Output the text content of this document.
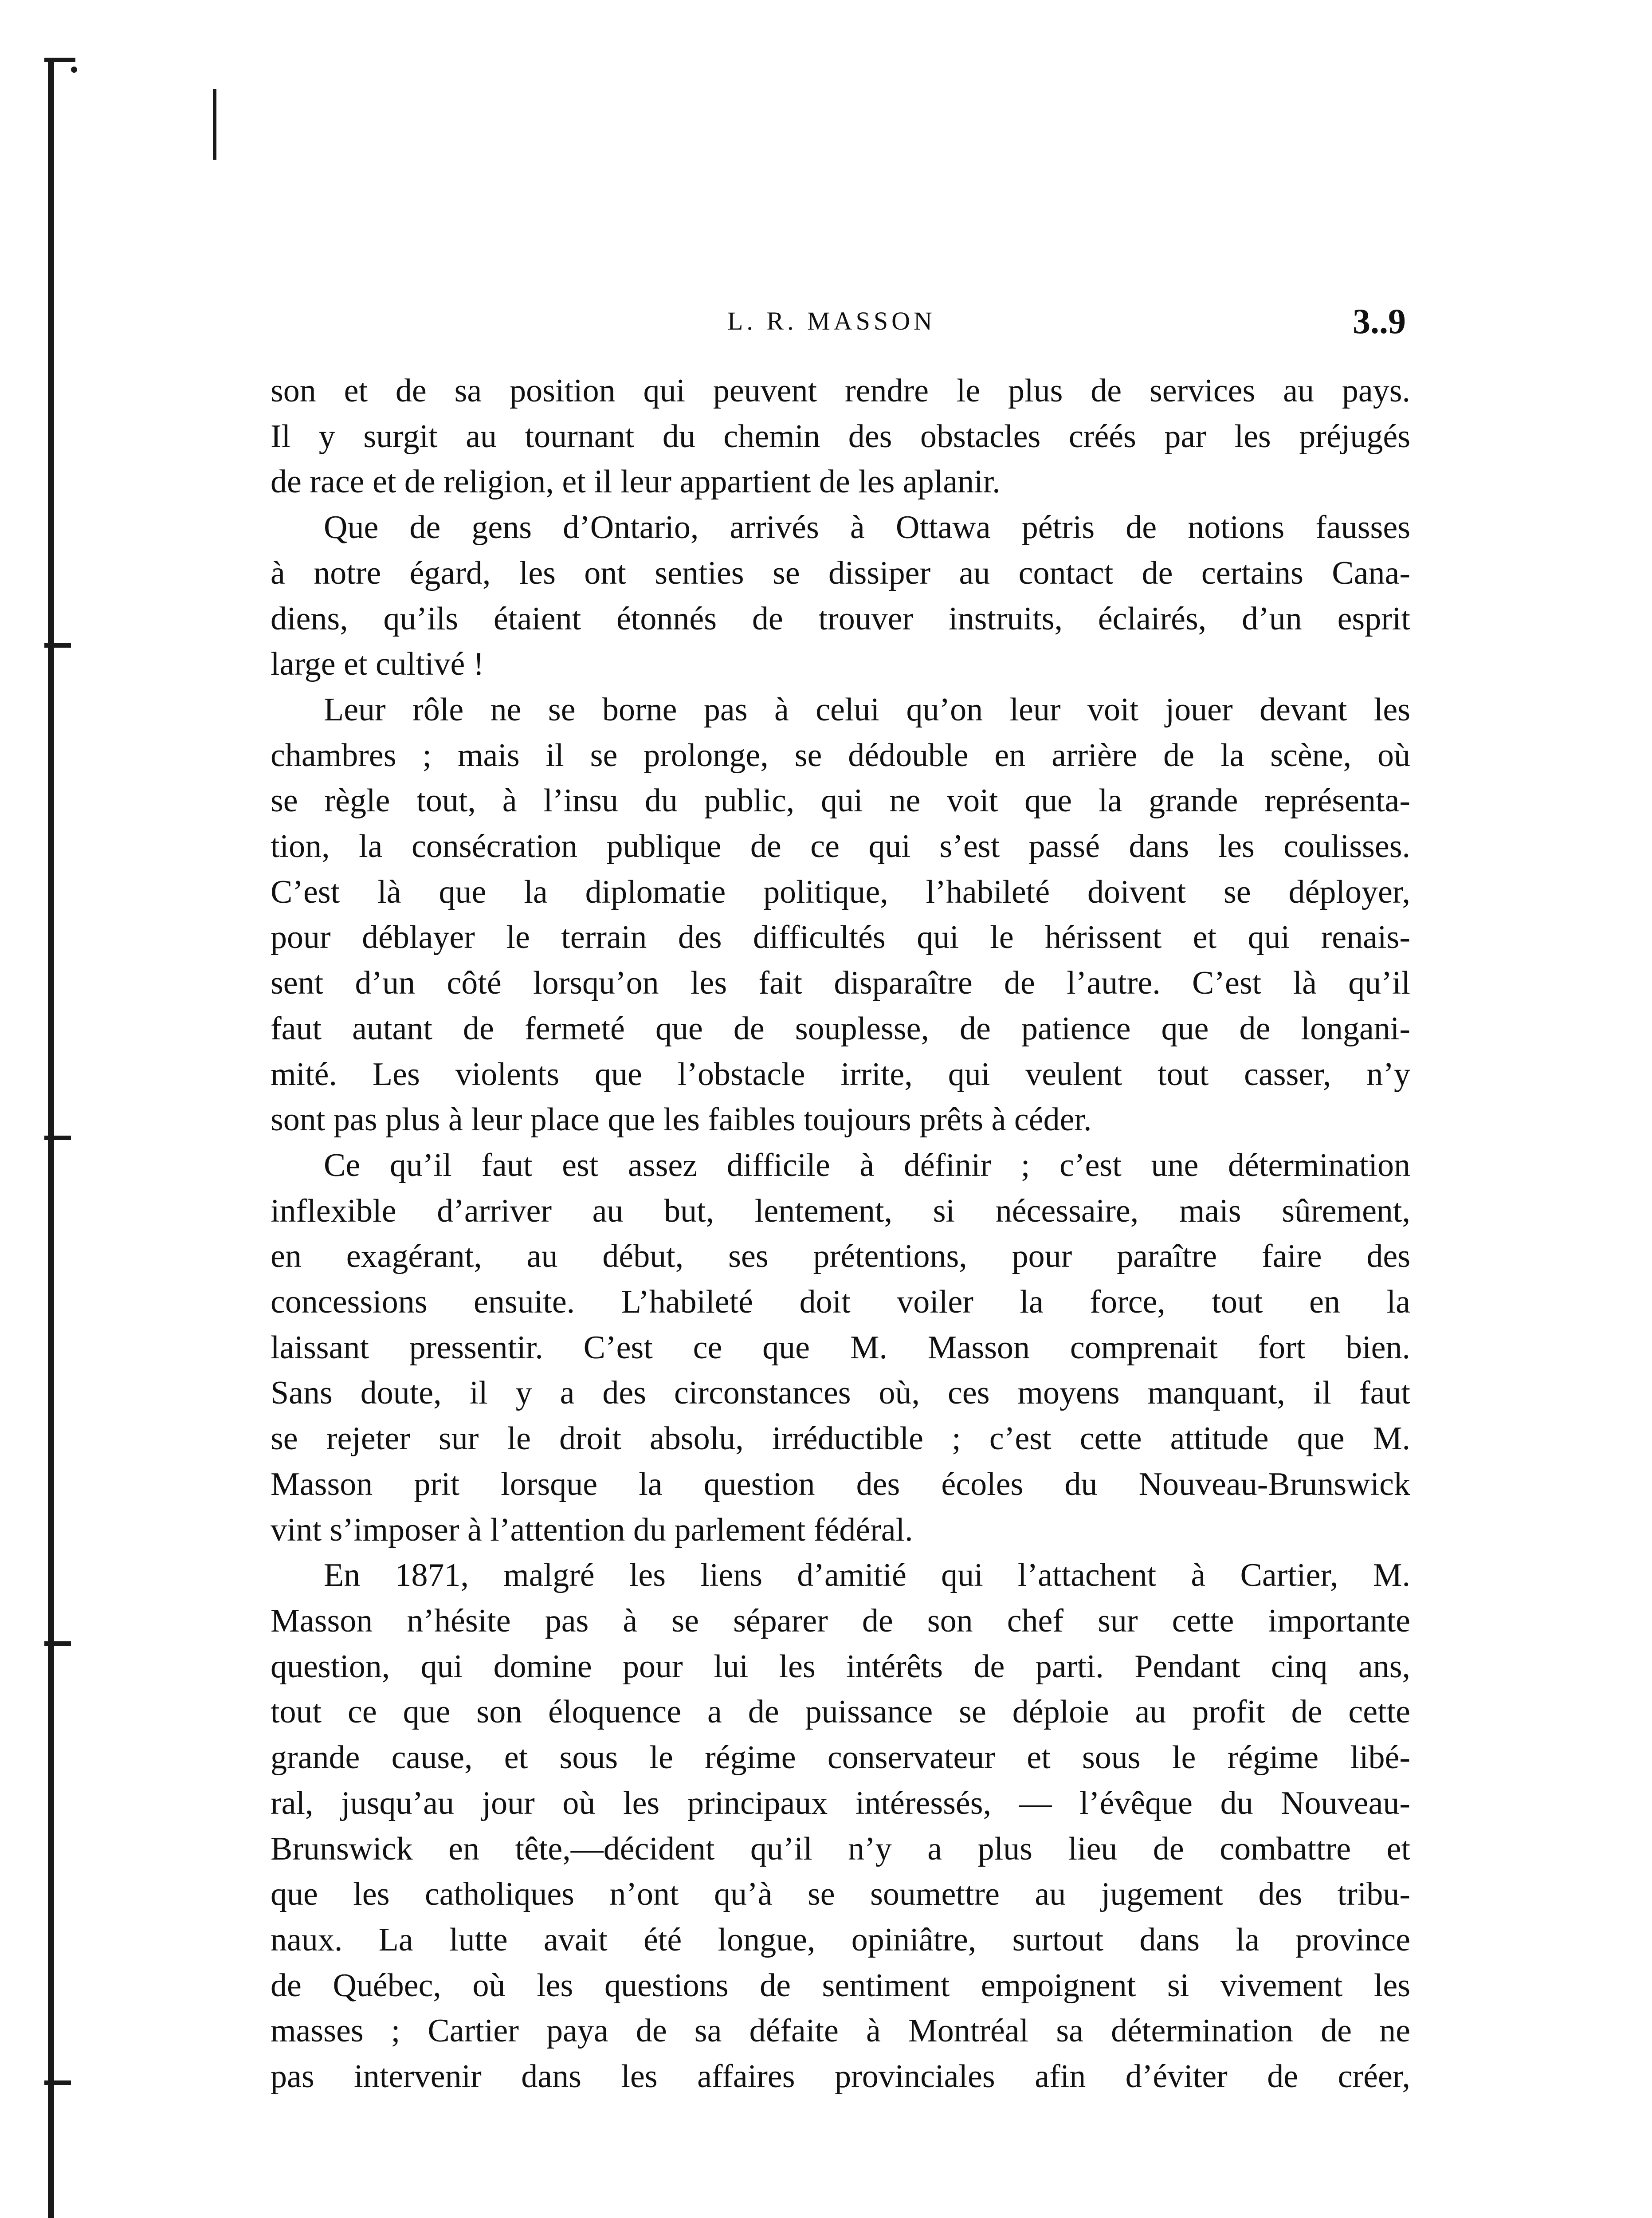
L. R. MASSON	3..9

son et de sa position qui peuvent rendre le plus de services au pays.
Il y surgit au tournant du chemin des obstacles créés par les préjugés
de race et de religion, et il leur appartient de les aplanir.

Que de gens d’Ontario, arrivés à Ottawa pétris de notions fausses
à notre égard, les ont senties se dissiper au contact de certains Cana-
diens, qu’ils étaient étonnés de trouver instruits, éclairés, d’un esprit
large et cultivé !

Leur rôle ne se borne pas à celui qu’on leur voit jouer devant les
chambres ; mais il se prolonge, se dédouble en arrière de la scène, où
se règle tout, à l’insu du public, qui ne voit que la grande représenta-
tion, la consécration publique de ce qui s’est passé dans les coulisses.
C’est là que la diplomatie politique, l’habileté doivent se déployer,
pour déblayer le terrain des difficultés qui le hérissent et qui renais-
sent d’un côté lorsqu’on les fait disparaître de l’autre. C’est là qu’il
faut autant de fermeté que de souplesse, de patience que de longani-
mité. Les violents que l’obstacle irrite, qui veulent tout casser, n’y
sont pas plus à leur place que les faibles toujours prêts à céder.

Ce qu’il faut est assez difficile à définir ; c’est une détermination
inflexible d’arriver au but, lentement, si nécessaire, mais sûrement,
en exagérant, au début, ses prétentions, pour paraître faire des
concessions ensuite. L’habileté doit voiler la force, tout en la
laissant pressentir. C’est ce que M. Masson comprenait fort bien.
Sans doute, il y a des circonstances où, ces moyens manquant, il faut
se rejeter sur le droit absolu, irréductible ; c’est cette attitude que M.
Masson prit lorsque la question des écoles du Nouveau-Brunswick
vint s’imposer à l’attention du parlement fédéral.

En 1871, malgré les liens d’amitié qui l’attachent à Cartier, M.
Masson n’hésite pas à se séparer de son chef sur cette importante
question, qui domine pour lui les intérêts de parti. Pendant cinq ans,
tout ce que son éloquence a de puissance se déploie au profit de cette
grande cause, et sous le régime conservateur et sous le régime libé-
ral, jusqu’au jour où les principaux intéressés, — l’évêque du Nouveau-
Brunswick en tête,—décident qu’il n’y a plus lieu de combattre et
que les catholiques n’ont qu’à se soumettre au jugement des tribu-
naux. La lutte avait été longue, opiniâtre, surtout dans la province
de Québec, où les questions de sentiment empoignent si vivement les
masses ; Cartier paya de sa défaite à Montréal sa détermination de ne
pas intervenir dans les affaires provinciales afin d’éviter de créer,
